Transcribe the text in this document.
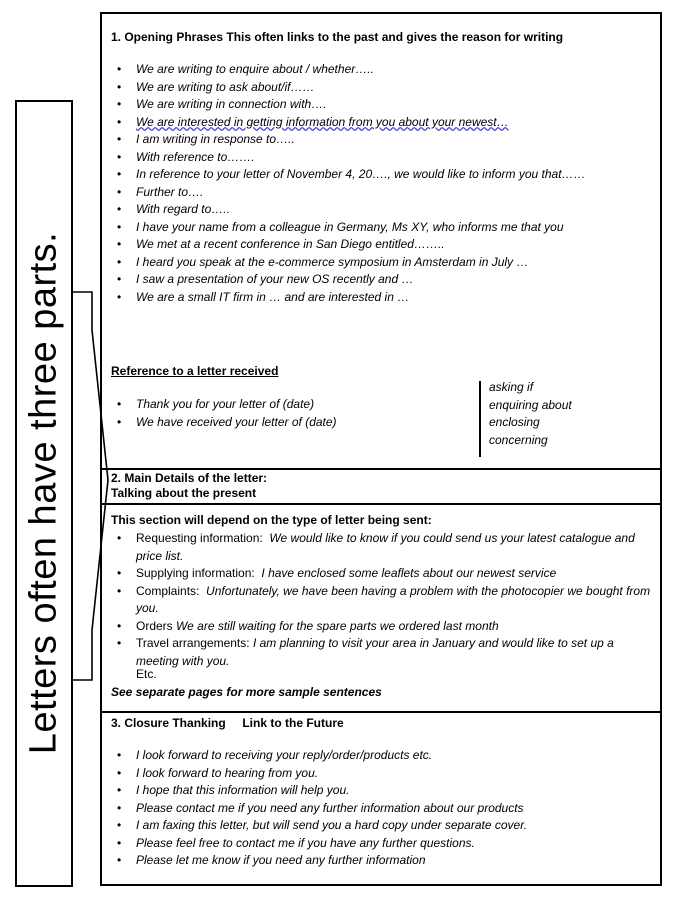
Letters often have three parts.
1. Opening Phrases This often links to the past and gives the reason for writing
• We are writing to enquire about / whether…..
• We are writing to ask about/if……
• We are writing in connection with….
• We are interested in getting information from you about your newest…
• I am writing in response to…..
• With reference to…….
• In reference to your letter of November 4, 20…., we would like to inform you that……
• Further to….
• With regard to…..
• I have your name from a colleague in Germany, Ms XY, who informs me that you
• We met at a recent conference in San Diego entitled……..
• I heard you speak at the e-commerce symposium in Amsterdam in July …
• I saw a presentation of your new OS recently and …
• We are a small IT firm in … and are interested in …
Reference to a letter received
• Thank you for your letter of (date)
• We have received your letter of (date)
asking if
enquiring about
enclosing
concerning
2. Main Details of the letter:
Talking about the present
This section will depend on the type of letter being sent:
• Requesting information: We would like to know if you could send us your latest catalogue and price list.
• Supplying information: I have enclosed some leaflets about our newest service
• Complaints: Unfortunately, we have been having a problem with the photocopier we bought from you.
• Orders We are still waiting for the spare parts we ordered last month
• Travel arrangements: I am planning to visit your area in January and would like to set up a meeting with you.
Etc.
See separate pages for more sample sentences
3. Closure Thanking     Link to the Future
• I look forward to receiving your reply/order/products etc.
• I look forward to hearing from you.
• I hope that this information will help you.
• Please contact me if you need any further information about our products
• I am faxing this letter, but will send you a hard copy under separate cover.
• Please feel free to contact me if you have any further questions.
• Please let me know if you need any further information
